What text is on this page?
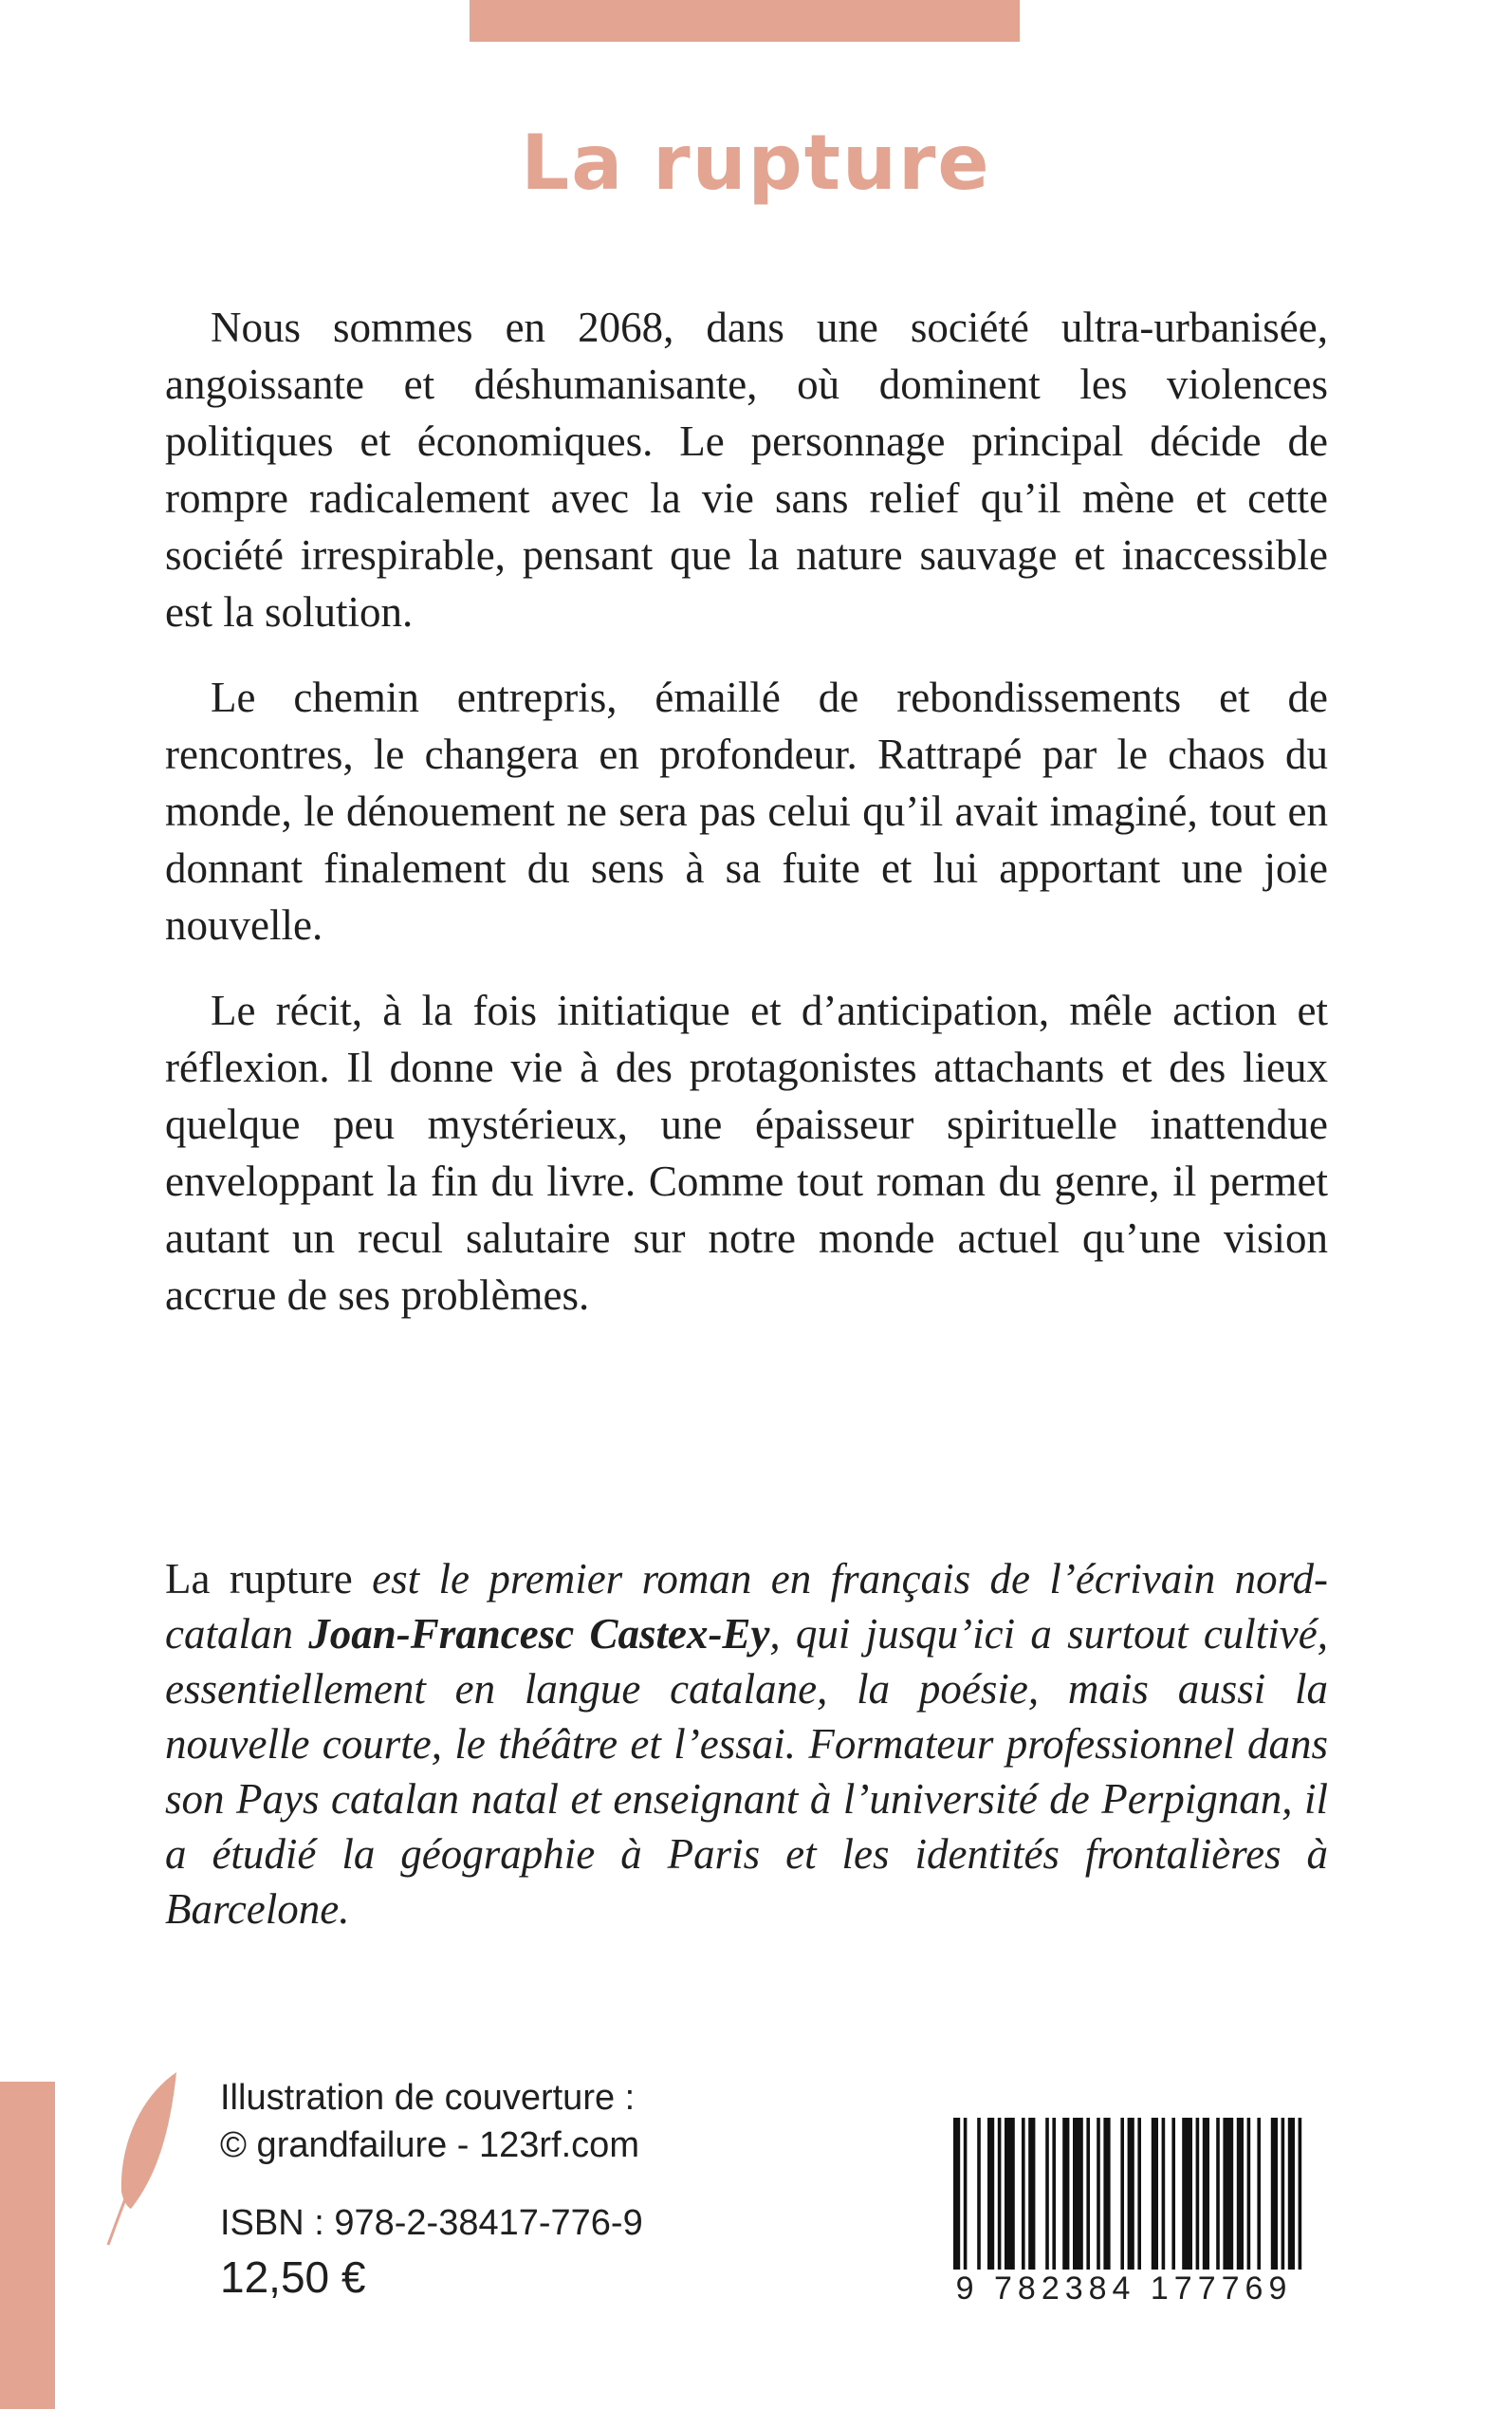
La rupture

Nous sommes en 2068, dans une société ultra-urbanisée, angoissante et déshumanisante, où dominent les violences politiques et économiques. Le personnage principal décide de rompre radicalement avec la vie sans relief qu’il mène et cette société irrespirable, pensant que la nature sauvage et inaccessible est la solution.

Le chemin entrepris, émaillé de rebondissements et de rencontres, le changera en profondeur. Rattrapé par le chaos du monde, le dénouement ne sera pas celui qu’il avait imaginé, tout en donnant finalement du sens à sa fuite et lui apportant une joie nouvelle.

Le récit, à la fois initiatique et d’anticipation, mêle action et réflexion. Il donne vie à des protagonistes attachants et des lieux quelque peu mystérieux, une épaisseur spirituelle inattendue enveloppant la fin du livre. Comme tout roman du genre, il permet autant un recul salutaire sur notre monde actuel qu’une vision accrue de ses problèmes.

La rupture est le premier roman en français de l’écrivain nord-catalan Joan-Francesc Castex-Ey, qui jusqu’ici a surtout cultivé, essentiellement en langue catalane, la poésie, mais aussi la nouvelle courte, le théâtre et l’essai. Formateur professionnel dans son Pays catalan natal et enseignant à l’université de Perpignan, il a étudié la géographie à Paris et les identités frontalières à Barcelone.

Illustration de couverture :
© grandfailure - 123rf.com
ISBN : 978-2-38417-776-9
12,50 €	9 782384 177769
